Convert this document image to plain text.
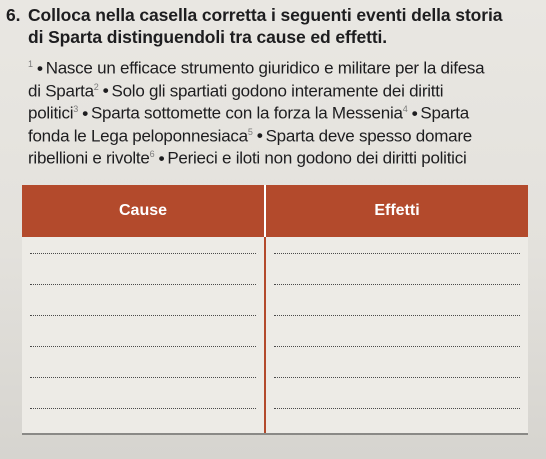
6. Colloca nella casella corretta i seguenti eventi della storia
di Sparta distinguendoli tra cause ed effetti.
1 • Nasce un efficace strumento giuridico e militare per la difesa
di Sparta2 • Solo gli spartiati godono interamente dei diritti
politici3 • Sparta sottomette con la forza la Messenia4 • Sparta
fonda le Lega peloponnesiaca5 • Sparta deve spesso domare
ribellioni e rivolte6 • Perieci e iloti non godono dei diritti politici
Cause	Effetti
